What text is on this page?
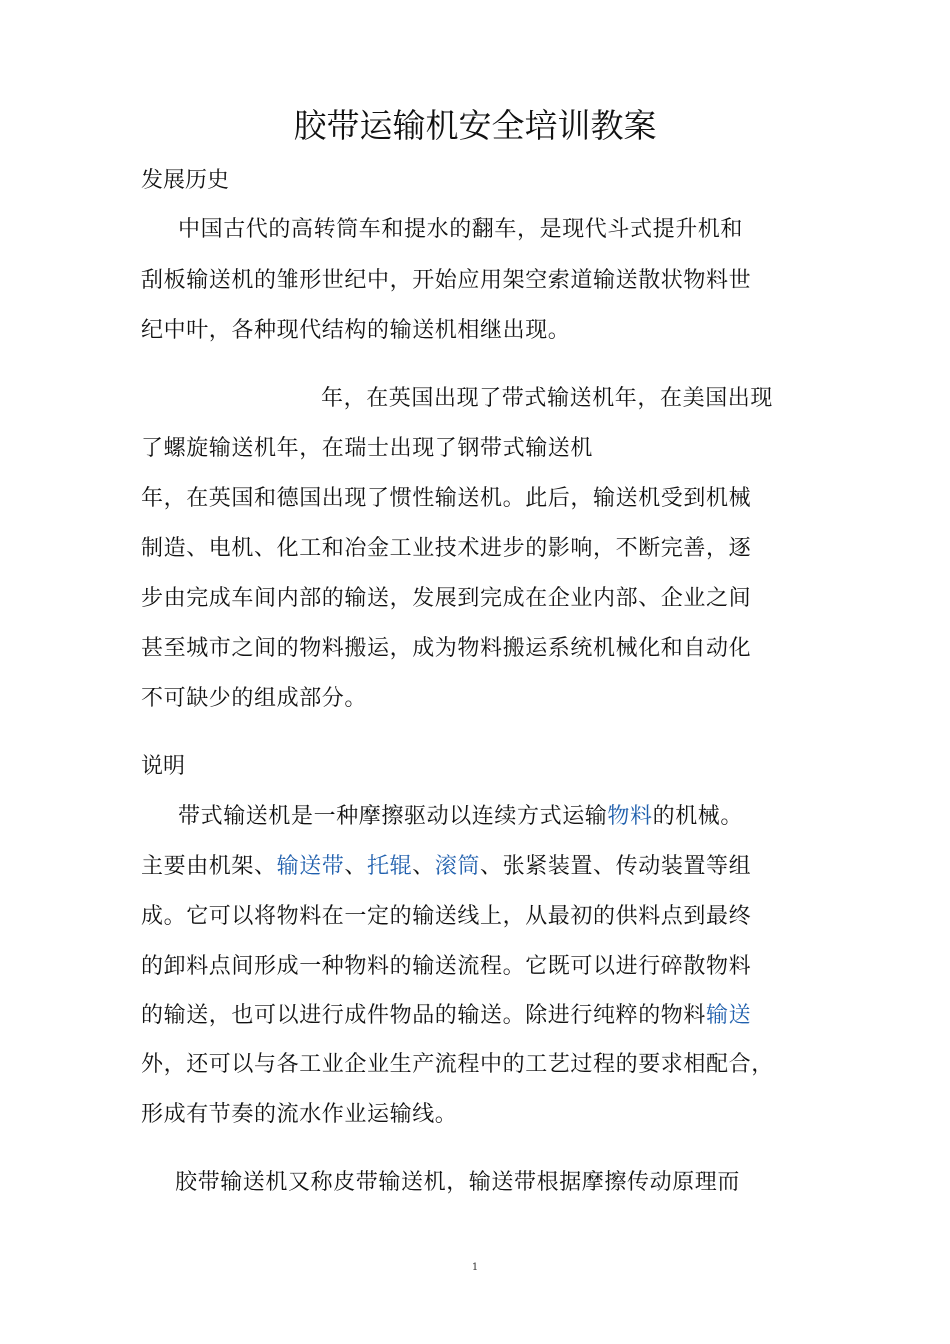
胶带运输机安全培训教案
发展历史
中国古代的高转筒车和提水的翻车，是现代斗式提升机和
刮板输送机的雏形世纪中，开始应用架空索道输送散状物料世
纪中叶，各种现代结构的输送机相继出现。
年，在英国出现了带式输送机年，在美国出现
了螺旋输送机年，在瑞士出现了钢带式输送机
年，在英国和德国出现了惯性输送机。此后，输送机受到机械
制造、电机、化工和冶金工业技术进步的影响，不断完善，逐
步由完成车间内部的输送，发展到完成在企业内部、企业之间
甚至城市之间的物料搬运，成为物料搬运系统机械化和自动化
不可缺少的组成部分。
说明
带式输送机是一种摩擦驱动以连续方式运输物料的机械。
主要由机架、输送带、托辊、滚筒、张紧装置、传动装置等组
成。它可以将物料在一定的输送线上，从最初的供料点到最终
的卸料点间形成一种物料的输送流程。它既可以进行碎散物料
的输送，也可以进行成件物品的输送。除进行纯粹的物料输送
外，还可以与各工业企业生产流程中的工艺过程的要求相配合，
形成有节奏的流水作业运输线。
胶带输送机又称皮带输送机，输送带根据摩擦传动原理而
1
